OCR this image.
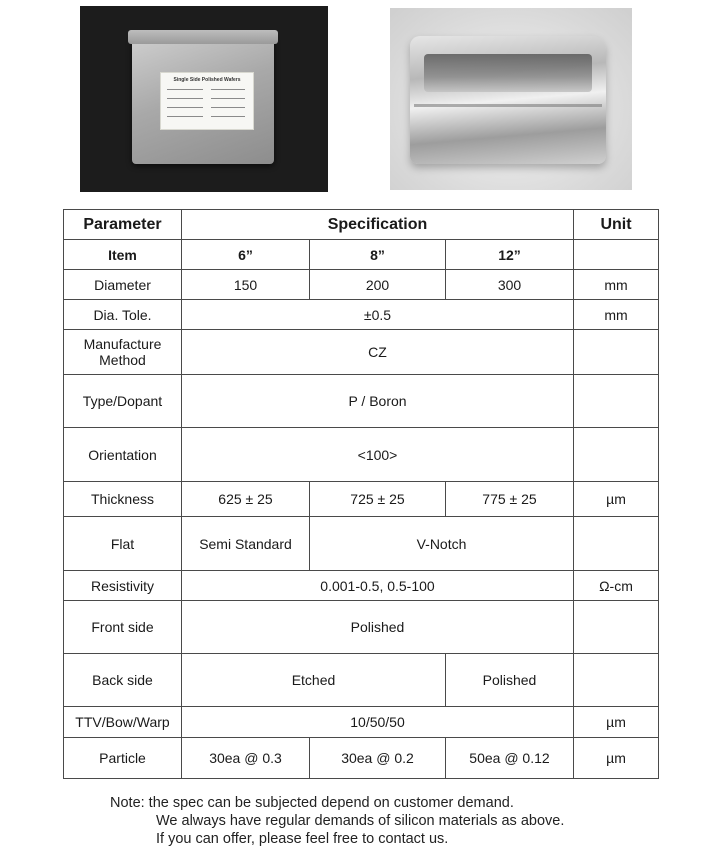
Single Side Polished Wafers
Parameter	Specification			Unit
Item	6”	8”	12”	
Diameter	150	200	300	mm
Dia. Tole.	±0.5			mm
Manufacture
Method	CZ			
Type/Dopant	P / Boron			
Orientation	<100>			
Thickness	625 ± 25	725 ± 25	775 ± 25	µm
Flat	Semi Standard	V-Notch		
Resistivity	0.001-0.5, 0.5-100			Ω-cm
Front side	Polished			
Back side	Etched		Polished	
TTV/Bow/Warp	10/50/50			µm
Particle	30ea @ 0.3	30ea @ 0.2	50ea @ 0.12	µm
Note: the spec can be subjected depend on customer demand.
We always have regular demands of silicon materials as above.
If you can offer, please feel free to contact us.
